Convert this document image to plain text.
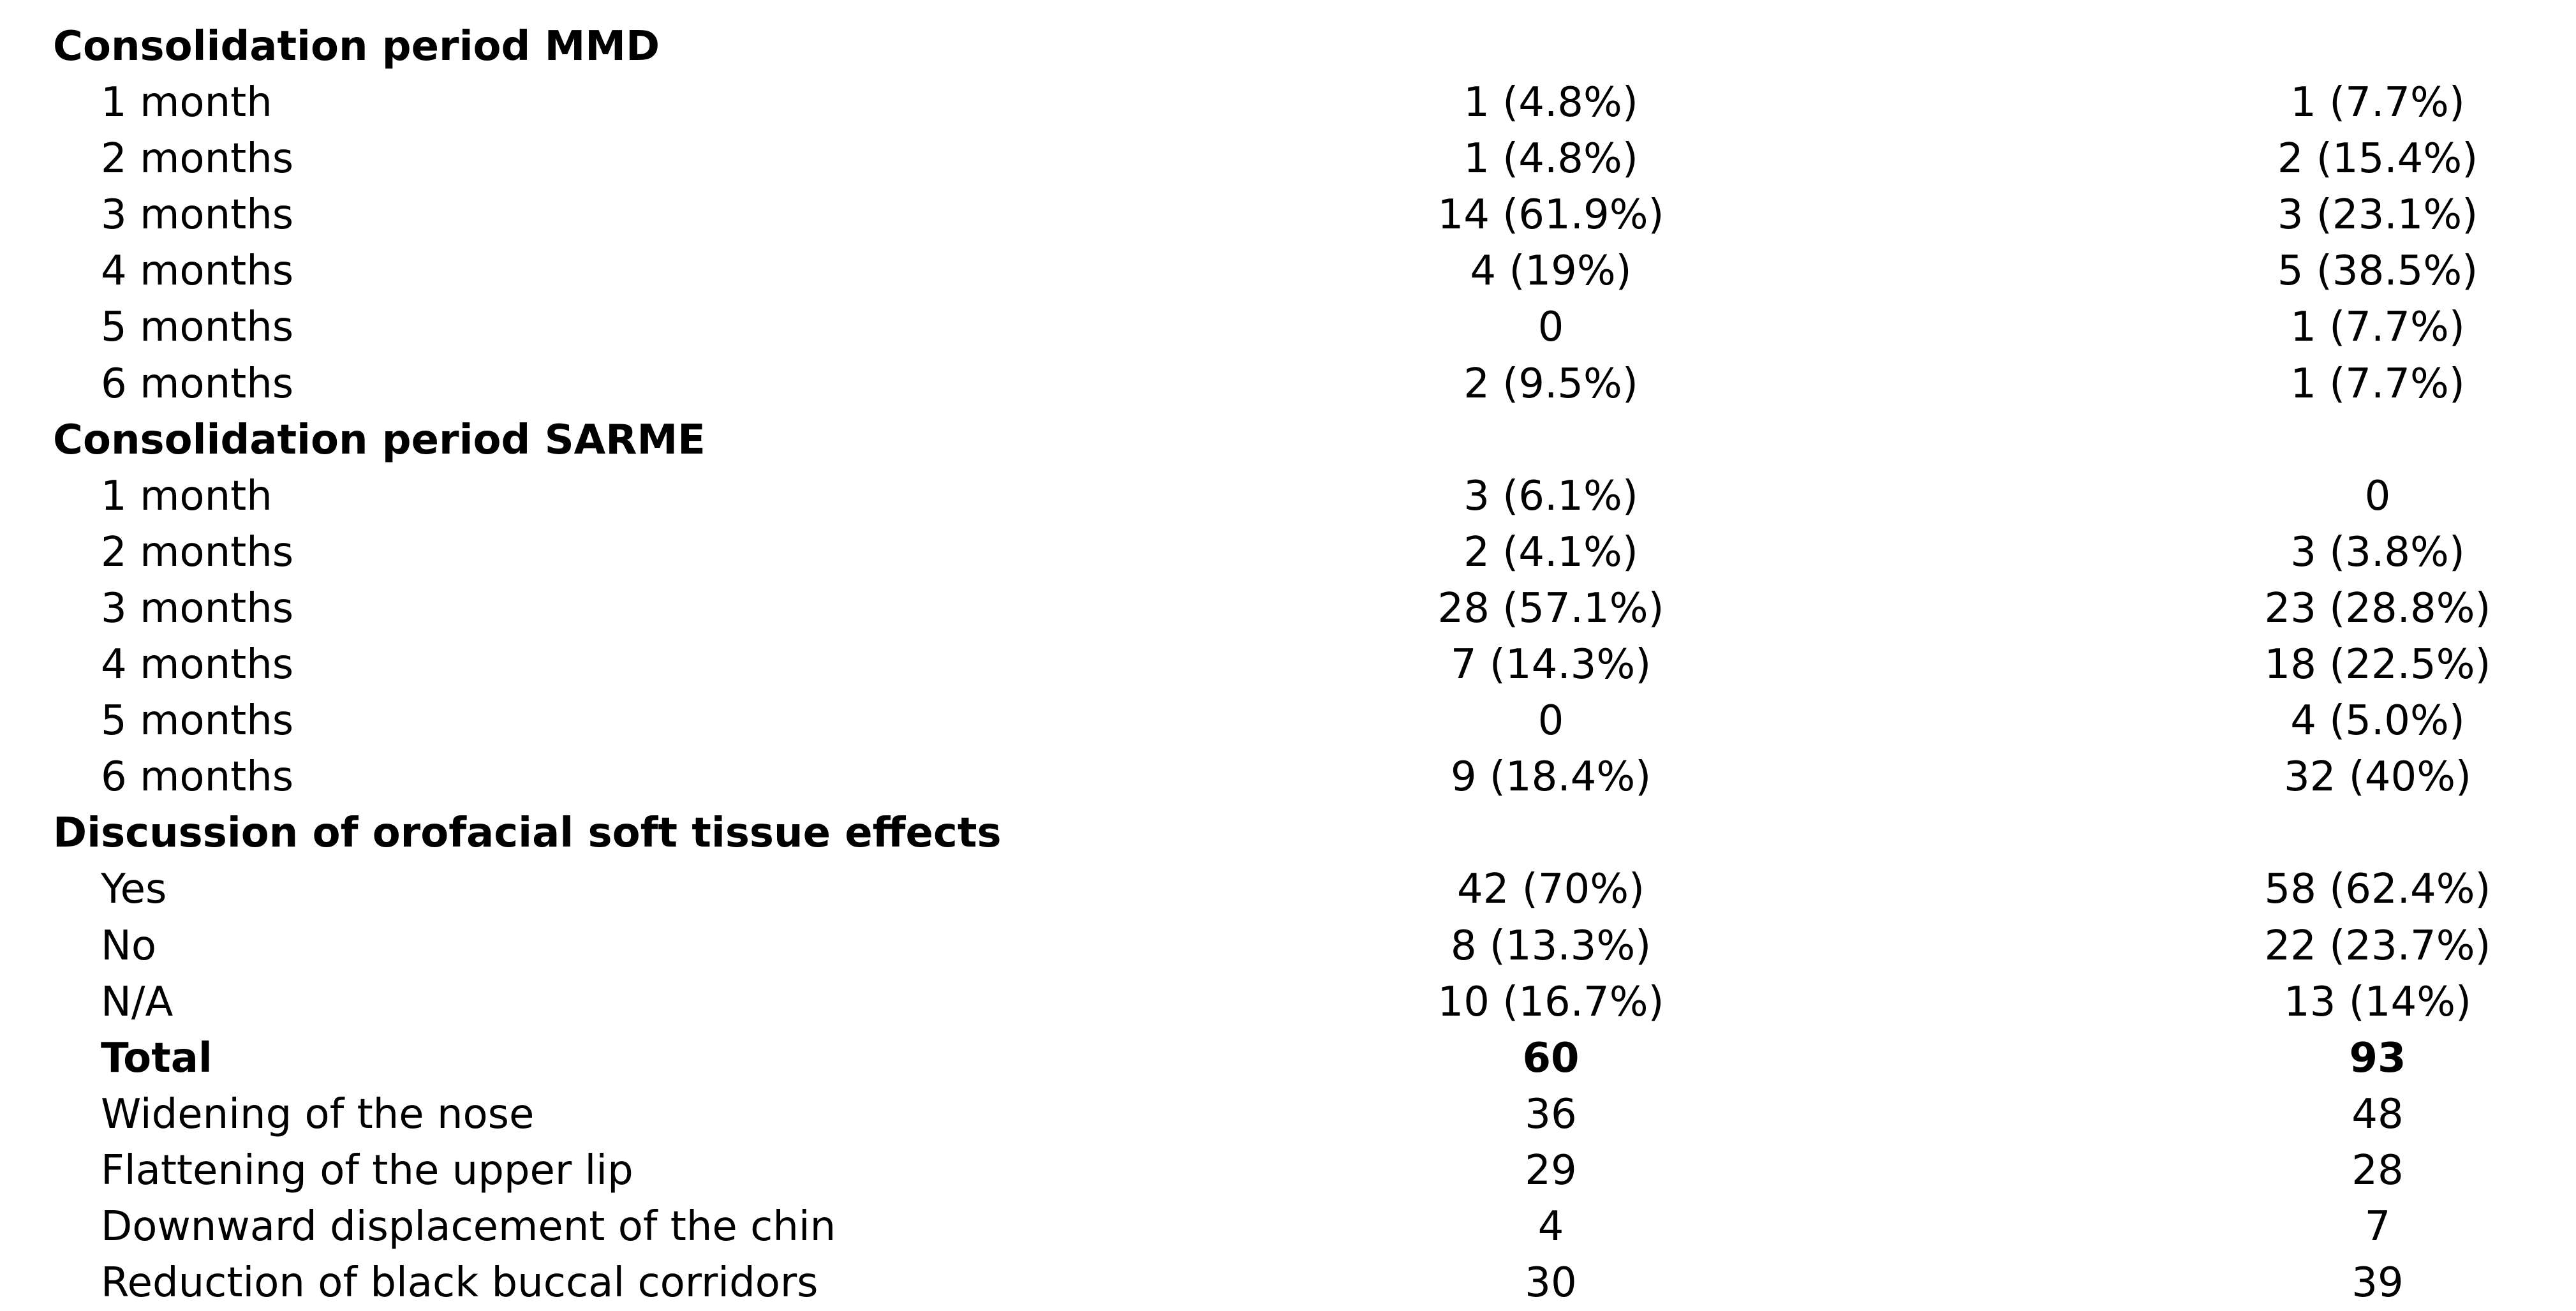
Consolidation period MMD
1 month	1 (4.8%)	1 (7.7%)
2 months	1 (4.8%)	2 (15.4%)
3 months	14 (61.9%)	3 (23.1%)
4 months	4 (19%)	5 (38.5%)
5 months	0	1 (7.7%)
6 months	2 (9.5%)	1 (7.7%)
Consolidation period SARME
1 month	3 (6.1%)	0
2 months	2 (4.1%)	3 (3.8%)
3 months	28 (57.1%)	23 (28.8%)
4 months	7 (14.3%)	18 (22.5%)
5 months	0	4 (5.0%)
6 months	9 (18.4%)	32 (40%)
Discussion of orofacial soft tissue effects
Yes	42 (70%)	58 (62.4%)
No	8 (13.3%)	22 (23.7%)
N/A	10 (16.7%)	13 (14%)
Total	60	93
Widening of the nose	36	48
Flattening of the upper lip	29	28
Downward displacement of the chin	4	7
Reduction of black buccal corridors	30	39
